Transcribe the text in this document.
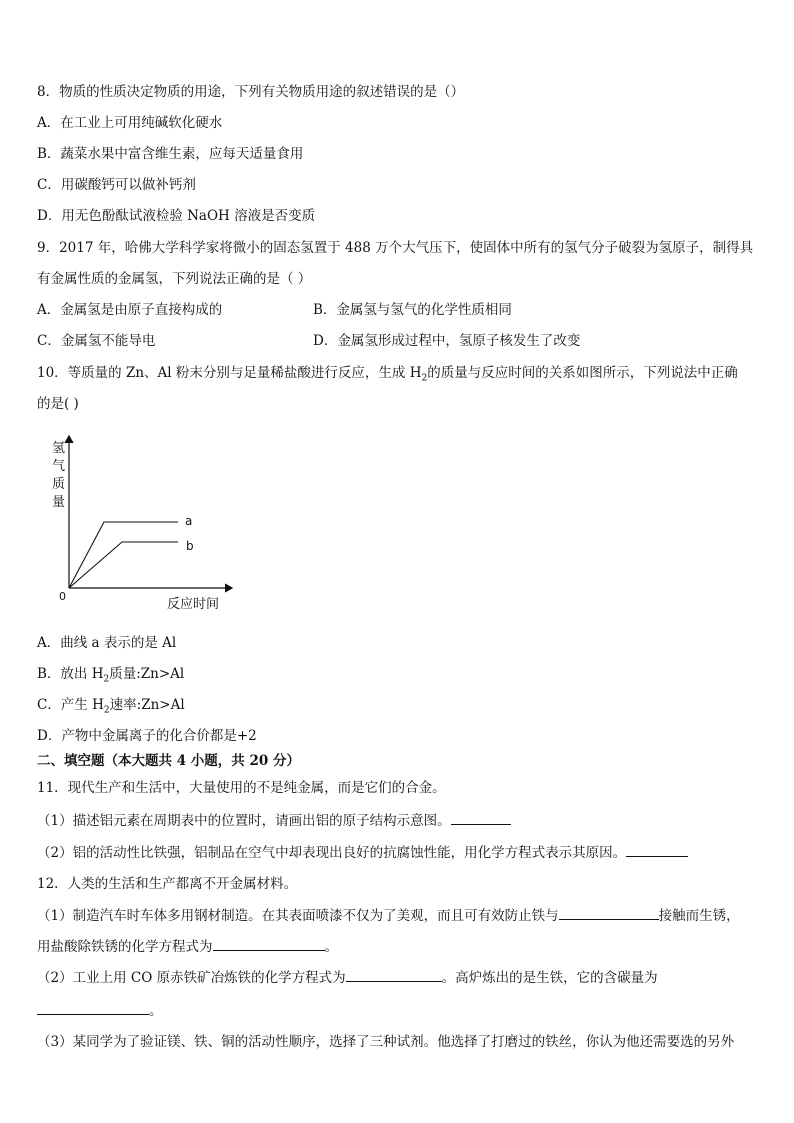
8．物质的性质决定物质的用途，下列有关物质用途的叙述错误的是（）
A．在工业上可用纯碱软化硬水
B．蔬菜水果中富含维生素，应每天适量食用
C．用碳酸钙可以做补钙剂
D．用无色酚酞试液检验 NaOH 溶液是否变质
9．2017 年，哈佛大学科学家将微小的固态氢置于 488 万个大气压下，使固体中所有的氢气分子破裂为氢原子，制得具
有金属性质的金属氢，下列说法正确的是（ ）
A．金属氢是由原子直接构成的	B．金属氢与氢气的化学性质相同
C．金属氢不能导电	D．金属氢形成过程中，氢原子核发生了改变
10．等质量的 Zn、Al 粉末分别与足量稀盐酸进行反应，生成 $H_2$的质量与反应时间的关系如图所示，下列说法中正确
的是( )
氢
气
质
量
a
b
0
反应时间
A．曲线 a 表示的是 Al
B．放出 $H_2$质量:Zn>Al
C．产生 $H_2$速率:Zn>Al
D．产物中金属离子的化合价都是+2
二、填空题（本大题共 4 小题，共 20 分）
11．现代生产和生活中，大量使用的不是纯金属，而是它们的合金。
（1）描述铝元素在周期表中的位置时，请画出铝的原子结构示意图。
（2）铝的活动性比铁强，铝制品在空气中却表现出良好的抗腐蚀性能，用化学方程式表示其原因。
12．人类的生活和生产都离不开金属材料。
（1）制造汽车时车体多用钢材制造。在其表面喷漆不仅为了美观，而且可有效防止铁与	接触而生锈，
用盐酸除铁锈的化学方程式为	。
（2）工业上用 CO 原赤铁矿冶炼铁的化学方程式为	。高炉炼出的是生铁，它的含碳量为
。
（3）某同学为了验证镁、铁、铜的活动性顺序，选择了三种试剂。他选择了打磨过的铁丝，你认为他还需要选的另外
